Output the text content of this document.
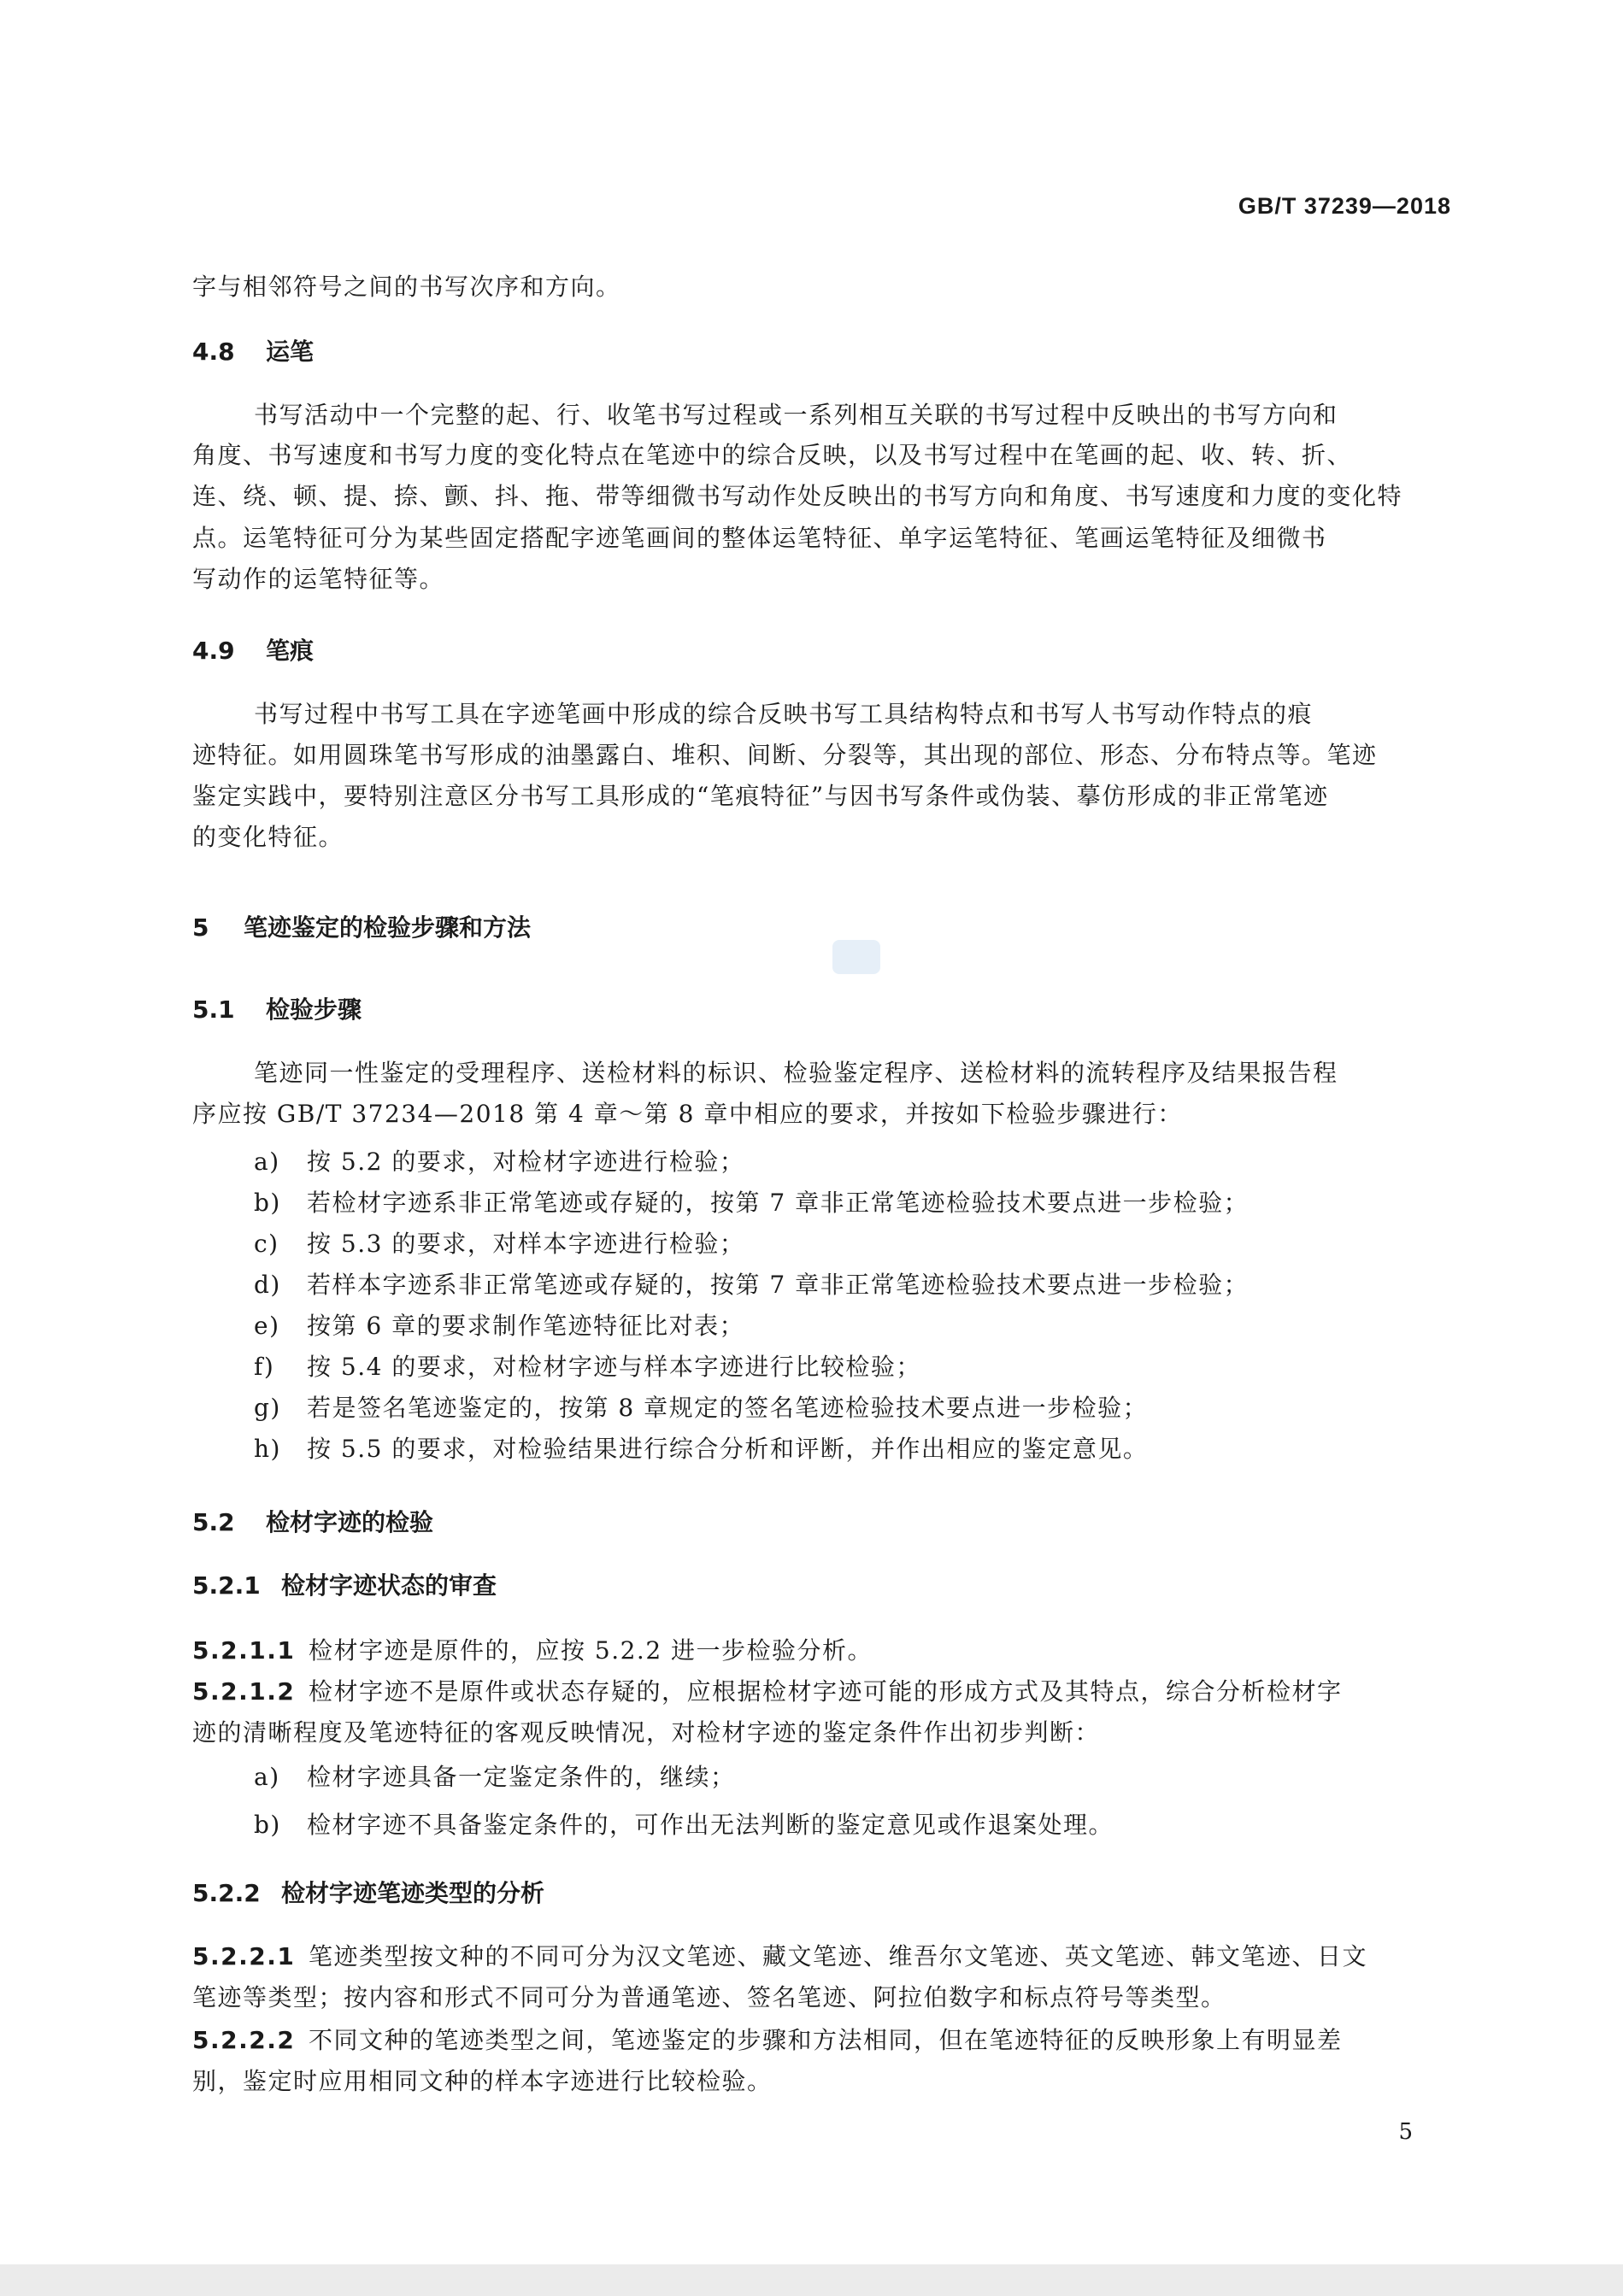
GB/T 37239—2018
字与相邻符号之间的书写次序和方向。
4.8 运笔
书写活动中一个完整的起、行、收笔书写过程或一系列相互关联的书写过程中反映出的书写方向和
角度、书写速度和书写力度的变化特点在笔迹中的综合反映，以及书写过程中在笔画的起、收、转、折、
连、绕、顿、提、捺、颤、抖、拖、带等细微书写动作处反映出的书写方向和角度、书写速度和力度的变化特
点。运笔特征可分为某些固定搭配字迹笔画间的整体运笔特征、单字运笔特征、笔画运笔特征及细微书
写动作的运笔特征等。
4.9 笔痕
书写过程中书写工具在字迹笔画中形成的综合反映书写工具结构特点和书写人书写动作特点的痕
迹特征。如用圆珠笔书写形成的油墨露白、堆积、间断、分裂等，其出现的部位、形态、分布特点等。笔迹
鉴定实践中，要特别注意区分书写工具形成的“笔痕特征”与因书写条件或伪装、摹仿形成的非正常笔迹
的变化特征。
5 笔迹鉴定的检验步骤和方法
5.1 检验步骤
笔迹同一性鉴定的受理程序、送检材料的标识、检验鉴定程序、送检材料的流转程序及结果报告程
序应按 GB/T 37234—2018 第 4 章～第 8 章中相应的要求，并按如下检验步骤进行：
a) 按 5.2 的要求，对检材字迹进行检验；
b) 若检材字迹系非正常笔迹或存疑的，按第 7 章非正常笔迹检验技术要点进一步检验；
c) 按 5.3 的要求，对样本字迹进行检验；
d) 若样本字迹系非正常笔迹或存疑的，按第 7 章非正常笔迹检验技术要点进一步检验；
e) 按第 6 章的要求制作笔迹特征比对表；
f) 按 5.4 的要求，对检材字迹与样本字迹进行比较检验；
g) 若是签名笔迹鉴定的，按第 8 章规定的签名笔迹检验技术要点进一步检验；
h) 按 5.5 的要求，对检验结果进行综合分析和评断，并作出相应的鉴定意见。
5.2 检材字迹的检验
5.2.1 检材字迹状态的审查
5.2.1.1 检材字迹是原件的，应按 5.2.2 进一步检验分析。
5.2.1.2 检材字迹不是原件或状态存疑的，应根据检材字迹可能的形成方式及其特点，综合分析检材字
迹的清晰程度及笔迹特征的客观反映情况，对检材字迹的鉴定条件作出初步判断：
a) 检材字迹具备一定鉴定条件的，继续；
b) 检材字迹不具备鉴定条件的，可作出无法判断的鉴定意见或作退案处理。
5.2.2 检材字迹笔迹类型的分析
5.2.2.1 笔迹类型按文种的不同可分为汉文笔迹、藏文笔迹、维吾尔文笔迹、英文笔迹、韩文笔迹、日文
笔迹等类型；按内容和形式不同可分为普通笔迹、签名笔迹、阿拉伯数字和标点符号等类型。
5.2.2.2 不同文种的笔迹类型之间，笔迹鉴定的步骤和方法相同，但在笔迹特征的反映形象上有明显差
别，鉴定时应用相同文种的样本字迹进行比较检验。
5
